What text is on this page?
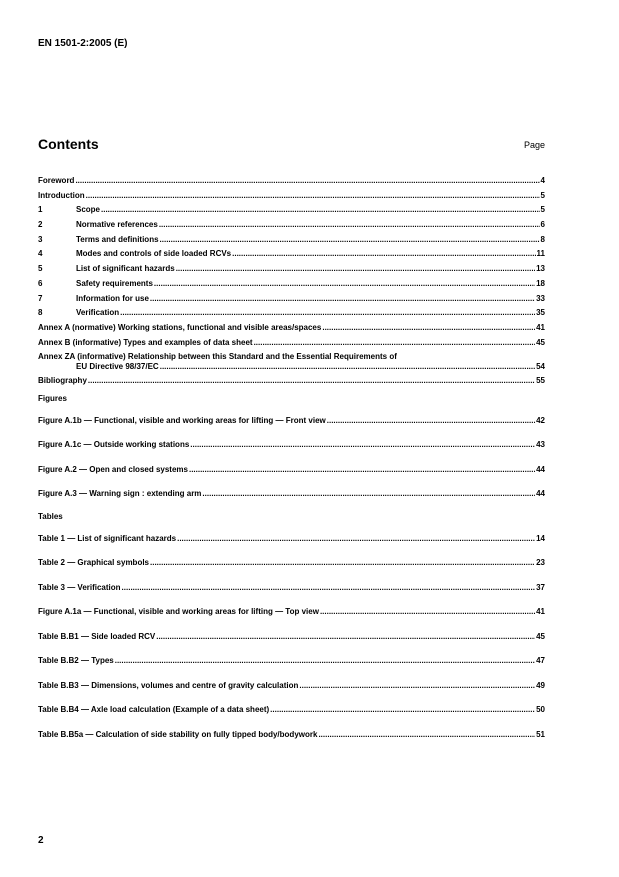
EN 1501-2:2005 (E)
Contents	Page
Foreword .....	4
Introduction .....	5
1	Scope .....	5
2	Normative references .....	6
3	Terms and definitions .....	8
4	Modes and controls of side loaded RCVs .....	11
5	List of significant hazards .....	13
6	Safety requirements .....	18
7	Information for use .....	33
8	Verification .....	35
Annex A (normative) Working stations, functional and visible areas/spaces .....	41
Annex B (informative) Types and examples of data sheet .....	45
Annex ZA (informative) Relationship between this Standard and the Essential Requirements of
EU Directive 98/37/EC .....	54
Bibliography .....	55
Figures
Figure A.1b — Functional, visible and working areas for lifting — Front view .....	42
Figure A.1c — Outside working stations .....	43
Figure A.2 — Open and closed systems .....	44
Figure A.3 — Warning sign : extending arm .....	44
Tables
Table 1 — List of significant hazards .....	14
Table 2 — Graphical symbols .....	23
Table 3 — Verification .....	37
Figure A.1a — Functional, visible and working areas for lifting — Top view .....	41
Table B.B1 — Side loaded RCV .....	45
Table B.B2 — Types .....	47
Table B.B3 — Dimensions, volumes and centre of gravity calculation .....	49
Table B.B4 — Axle load calculation (Example of a data sheet) .....	50
Table B.B5a — Calculation of side stability on fully tipped body/bodywork .....	51
2
